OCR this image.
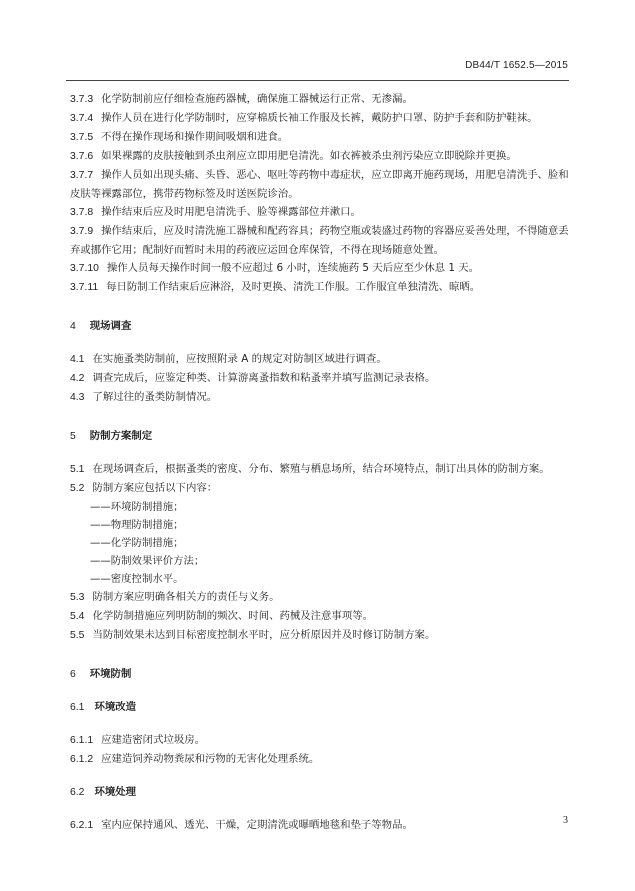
DB44/T 1652.5—2015

3.7.3 化学防制前应仔细检查施药器械，确保施工器械运行正常、无渗漏。

3.7.4 操作人员在进行化学防制时，应穿棉质长袖工作服及长裤，戴防护口罩、防护手套和防护鞋袜。

3.7.5 不得在操作现场和操作期间吸烟和进食。

3.7.6 如果裸露的皮肤接触到杀虫剂应立即用肥皂清洗。如衣裤被杀虫剂污染应立即脱除并更换。

3.7.7 操作人员如出现头痛、头昏、恶心、呕吐等药物中毒症状，应立即离开施药现场，用肥皂清洗手、脸和皮肤等裸露部位，携带药物标签及时送医院诊治。

3.7.8 操作结束后应及时用肥皂清洗手、脸等裸露部位并漱口。

3.7.9 操作结束后，应及时清洗施工器械和配药容具；药物空瓶或装盛过药物的容器应妥善处理，不得随意丢弃或挪作它用；配制好而暂时未用的药液应运回仓库保管，不得在现场随意处置。

3.7.10 操作人员每天操作时间一般不应超过 6 小时，连续施药 5 天后应至少休息 1 天。

3.7.11 每日防制工作结束后应淋浴，及时更换、清洗工作服。工作服宜单独清洗、晾晒。

4 现场调查

4.1 在实施蚤类防制前，应按照附录 A 的规定对防制区域进行调查。

4.2 调查完成后，应鉴定种类、计算游离蚤指数和粘蚤率并填写监测记录表格。

4.3 了解过往的蚤类防制情况。

5 防制方案制定

5.1 在现场调查后，根据蚤类的密度、分布、繁殖与栖息场所，结合环境特点，制订出具体的防制方案。

5.2 防制方案应包括以下内容：

——环境防制措施；

——物理防制措施；

——化学防制措施；

——防制效果评价方法；

——密度控制水平。

5.3 防制方案应明确各相关方的责任与义务。

5.4 化学防制措施应列明防制的频次、时间、药械及注意事项等。

5.5 当防制效果未达到目标密度控制水平时，应分析原因并及时修订防制方案。

6 环境防制

6.1 环境改造

6.1.1 应建造密闭式垃圾房。

6.1.2 应建造饲养动物粪尿和污物的无害化处理系统。

6.2 环境处理

6.2.1 室内应保持通风、透光、干燥，定期清洗或曝晒地毯和垫子等物品。	3
